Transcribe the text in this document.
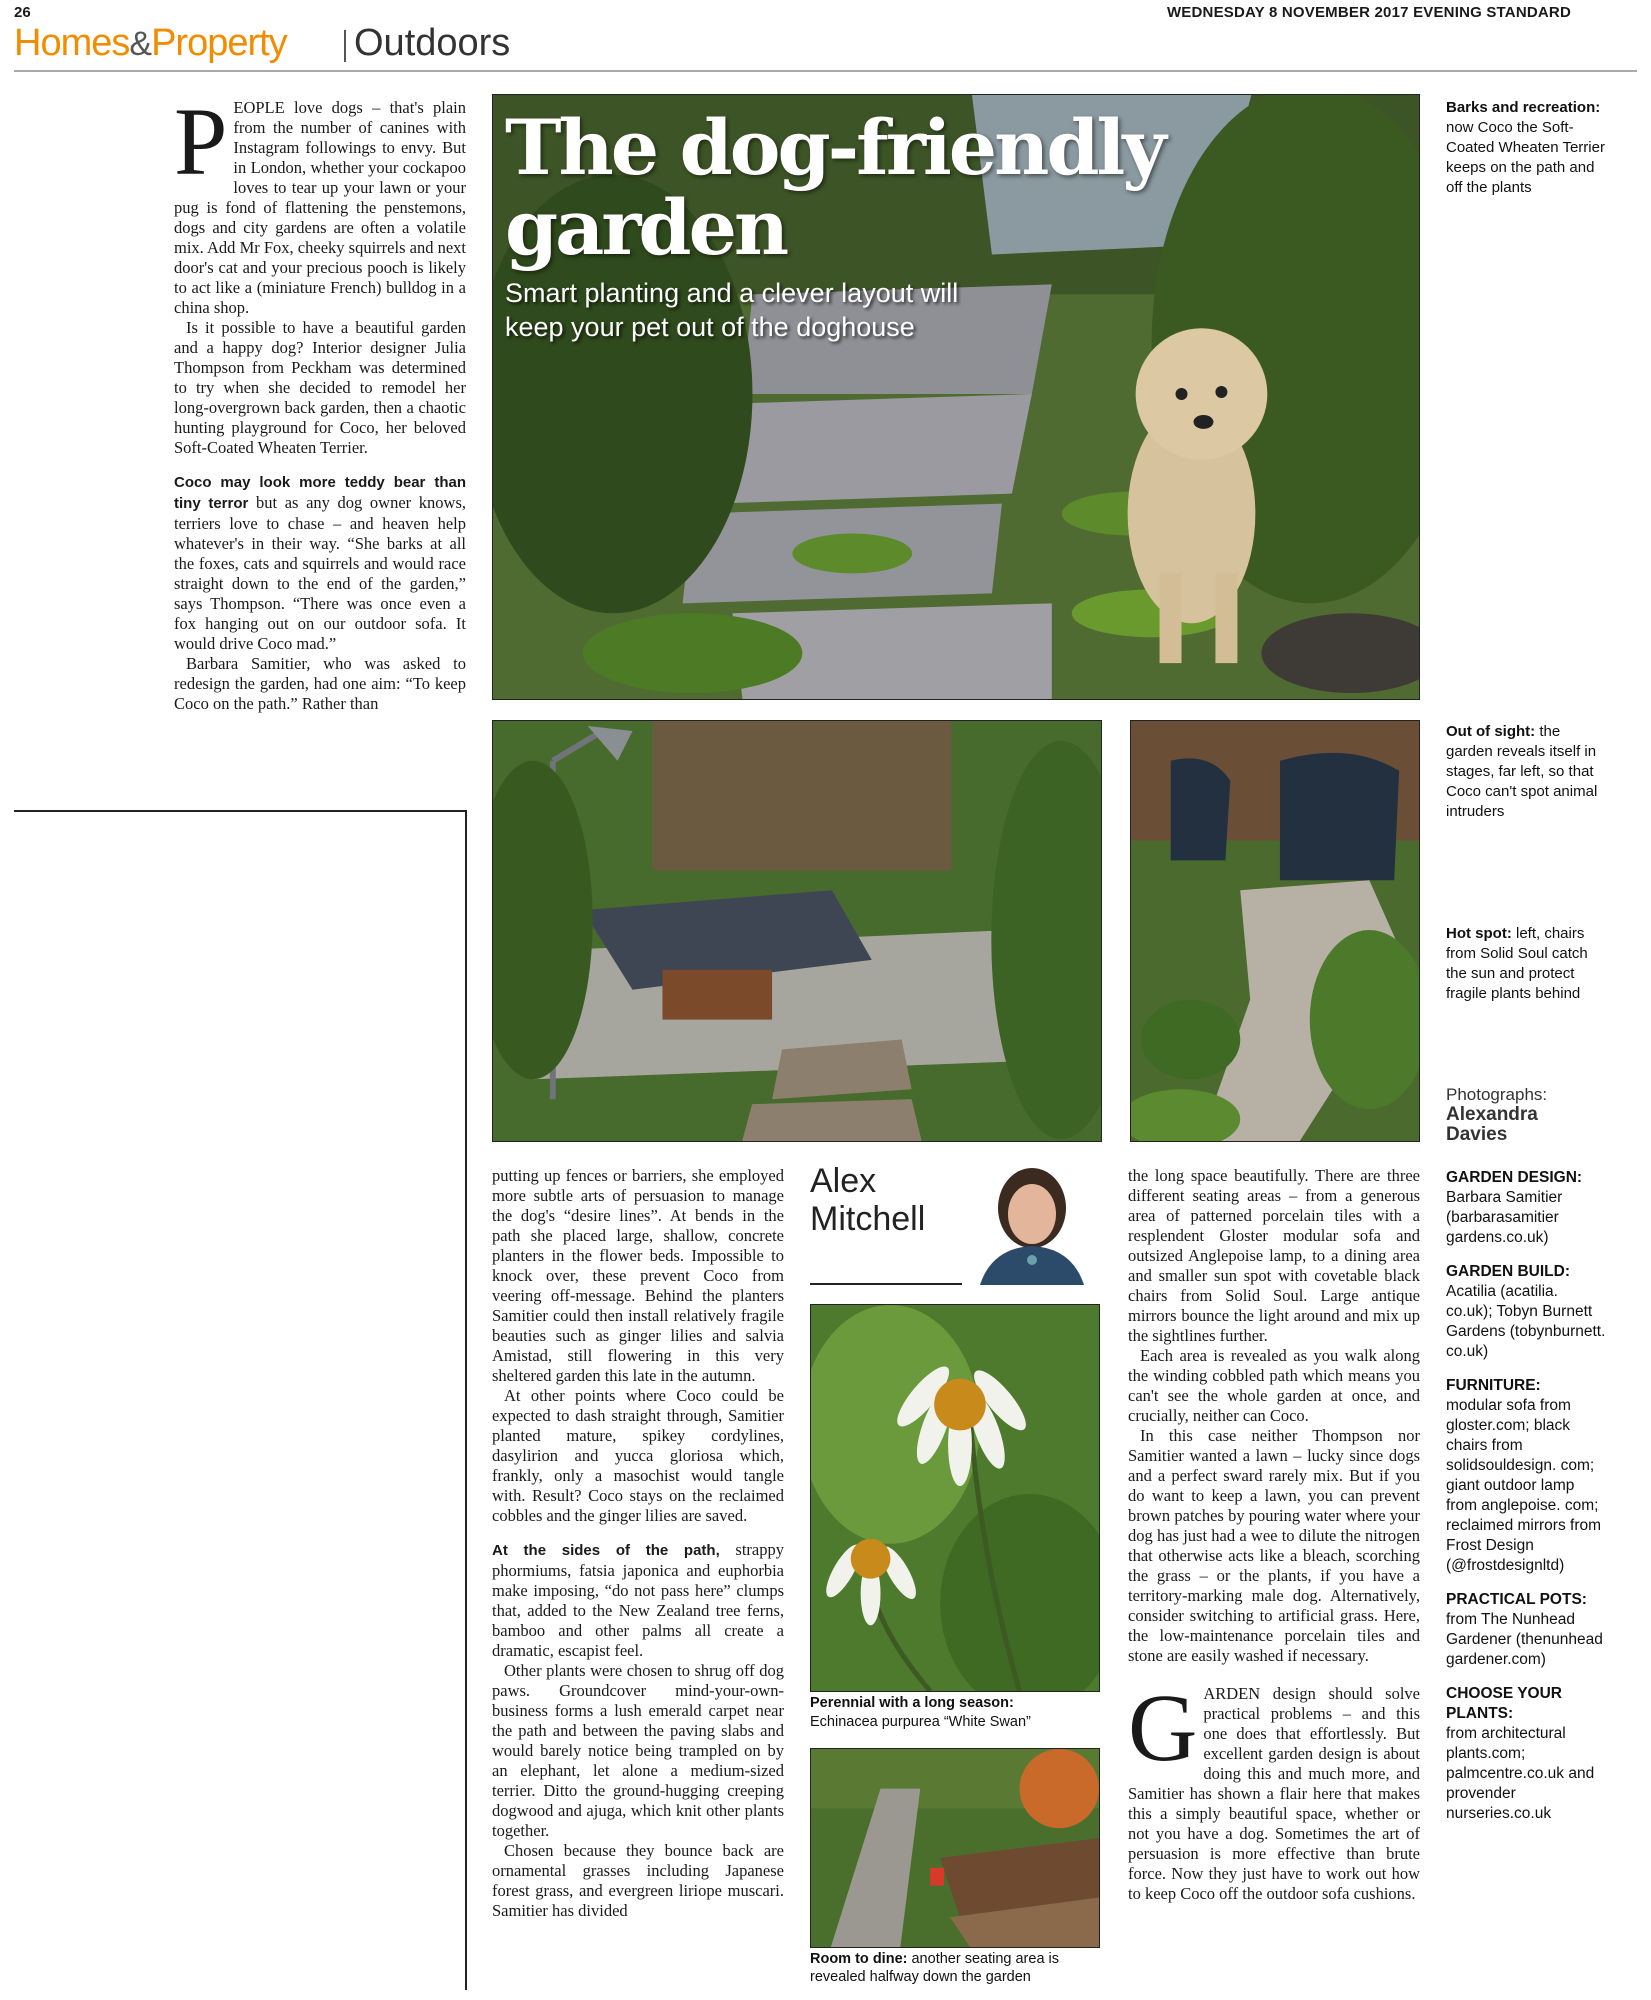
26	WEDNESDAY 8 NOVEMBER 2017 EVENING STANDARD
Homes&Property Outdoors
The dog-friendly
garden
Smart planting and a clever layout will
keep your pet out of the doghouse
Barks and recreation: now Coco the Soft-Coated Wheaten Terrier keeps on the path and off the plants
Out of sight: the garden reveals itself in stages, far left, so that Coco can't spot animal intruders
Hot spot: left, chairs from Solid Soul catch the sun and protect fragile plants behind
Photographs:
Alexandra
Davies

PEOPLE love dogs – that's plain from the number of canines with Instagram followings to envy. But in London, whether your cockapoo loves to tear up your lawn or your pug is fond of flattening the penstemons, dogs and city gardens are often a volatile mix. Add Mr Fox, cheeky squirrels and next door's cat and your precious pooch is likely to act like a (miniature French) bulldog in a china shop.

Is it possible to have a beautiful garden and a happy dog? Interior designer Julia Thompson from Peckham was determined to try when she decided to remodel her long-overgrown back garden, then a chaotic hunting playground for Coco, her beloved Soft-Coated Wheaten Terrier.

Coco may look more teddy bear than tiny terror but as any dog owner knows, terriers love to chase – and heaven help whatever's in their way. “She barks at all the foxes, cats and squirrels and would race straight down to the end of the garden,” says Thompson. “There was once even a fox hanging out on our outdoor sofa. It would drive Coco mad.”

Barbara Samitier, who was asked to redesign the garden, had one aim: “To keep Coco on the path.” Rather than

putting up fences or barriers, she employed more subtle arts of persuasion to manage the dog's “desire lines”. At bends in the path she placed large, shallow, concrete planters in the flower beds. Impossible to knock over, these prevent Coco from veering off-message. Behind the planters Samitier could then install relatively fragile beauties such as ginger lilies and salvia Amistad, still flowering in this very sheltered garden this late in the autumn.

At other points where Coco could be expected to dash straight through, Samitier planted mature, spikey cordylines, dasylirion and yucca gloriosa which, frankly, only a masochist would tangle with. Result? Coco stays on the reclaimed cobbles and the ginger lilies are saved.

At the sides of the path, strappy phormiums, fatsia japonica and euphorbia make imposing, “do not pass here” clumps that, added to the New Zealand tree ferns, bamboo and other palms all create a dramatic, escapist feel.

Other plants were chosen to shrug off dog paws. Groundcover mind-your-own-business forms a lush emerald carpet near the path and between the paving slabs and would barely notice being trampled on by an elephant, let alone a medium-sized terrier. Ditto the ground-hugging creeping dogwood and ajuga, which knit other plants together.

Chosen because they bounce back are ornamental grasses including Japanese forest grass, and evergreen liriope muscari. Samitier has divided

Alex
Mitchell
Perennial with a long season:
Echinacea purpurea “White Swan”
Room to dine: another seating area is revealed halfway down the garden

the long space beautifully. There are three different seating areas – from a generous area of patterned porcelain tiles with a resplendent Gloster modular sofa and outsized Anglepoise lamp, to a dining area and smaller sun spot with covetable black chairs from Solid Soul. Large antique mirrors bounce the light around and mix up the sightlines further.

Each area is revealed as you walk along the winding cobbled path which means you can't see the whole garden at once, and crucially, neither can Coco.

In this case neither Thompson nor Samitier wanted a lawn – lucky since dogs and a perfect sward rarely mix. But if you do want to keep a lawn, you can prevent brown patches by pouring water where your dog has just had a wee to dilute the nitrogen that otherwise acts like a bleach, scorching the grass – or the plants, if you have a territory-marking male dog. Alternatively, consider switching to artificial grass. Here, the low-maintenance porcelain tiles and stone are easily washed if necessary.

GARDEN design should solve practical problems – and this one does that effortlessly. But excellent garden design is about doing this and much more, and Samitier has shown a flair here that makes this a simply beautiful space, whether or not you have a dog. Sometimes the art of persuasion is more effective than brute force. Now they just have to work out how to keep Coco off the outdoor sofa cushions.

GARDEN DESIGN:
Barbara Samitier (barbarasamitier gardens.co.uk)
GARDEN BUILD:
Acatilia (acatilia. co.uk); Tobyn Burnett Gardens (tobynburnett. co.uk)
FURNITURE:
modular sofa from gloster.com; black chairs from solidsouldesign. com; giant outdoor lamp from anglepoise. com; reclaimed mirrors from Frost Design (@frostdesignltd)
PRACTICAL POTS:
from The Nunhead Gardener (thenunhead gardener.com)
CHOOSE YOUR PLANTS:
from architectural plants.com; palmcentre.co.uk and provender nurseries.co.uk
